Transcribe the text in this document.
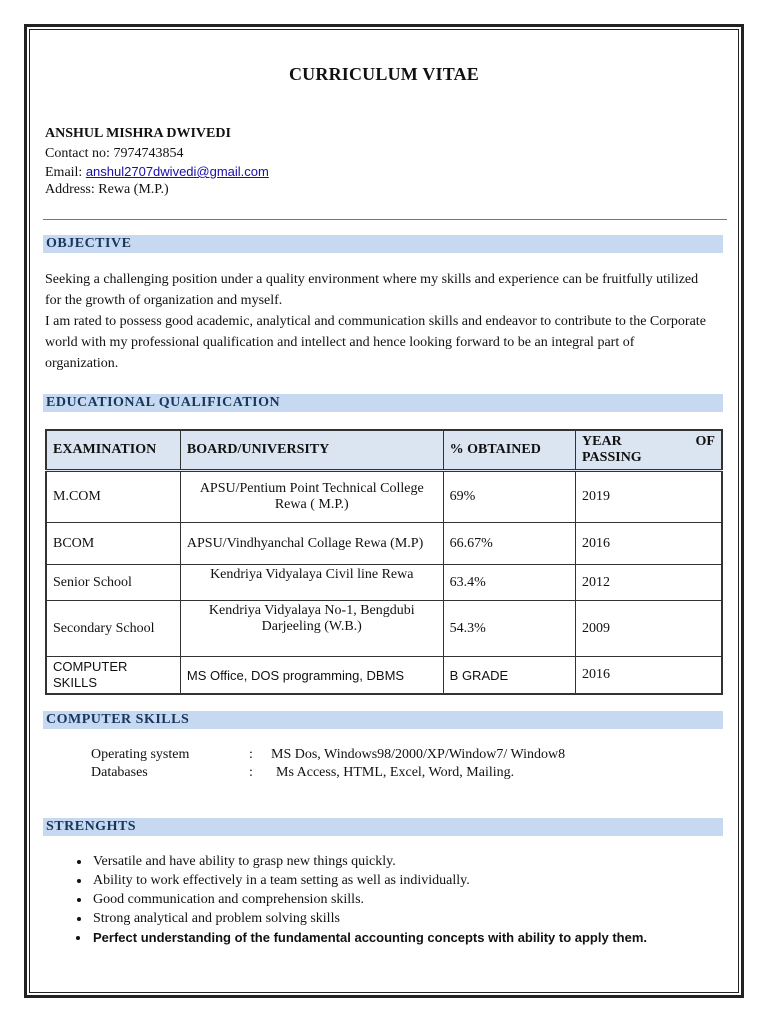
CURRICULUM VITAE
ANSHUL MISHRA DWIVEDI
Contact no: 7974743854
Email: anshul2707dwivedi@gmail.com
Address: Rewa (M.P.)
OBJECTIVE
Seeking a challenging position under a quality environment where my skills and experience can be fruitfully utilized for the growth of organization and myself.
I am rated to possess good academic, analytical and communication skills and endeavor to contribute to the Corporate world with my professional qualification and intellect and hence looking forward to be an integral part of organization.
EDUCATIONAL QUALIFICATION
EXAMINATION	BOARD/UNIVERSITY	% OBTAINED	YEAR OF
PASSING

M.COM	APSU/Pentium Point Technical College Rewa ( M.P.)	69%	2019
BCOM	APSU/Vindhyanchal Collage Rewa (M.P)	66.67%	2016
Senior School	Kendriya Vidyalaya Civil line Rewa	63.4%	2012
Secondary School	Kendriya Vidyalaya No-1, Bengdubi Darjeeling (W.B.)	54.3%	2009
COMPUTER SKILLS	MS Office, DOS programming, DBMS	B GRADE	2016
COMPUTER SKILLS
Operating system	: MS Dos, Windows98/2000/XP/Window7/ Window8
Databases	: Ms Access, HTML, Excel, Word, Mailing.
STRENGHTS
• Versatile and have ability to grasp new things quickly.
• Ability to work effectively in a team setting as well as individually.
• Good communication and comprehension skills.
• Strong analytical and problem solving skills
• Perfect understanding of the fundamental accounting concepts with ability to apply them.
